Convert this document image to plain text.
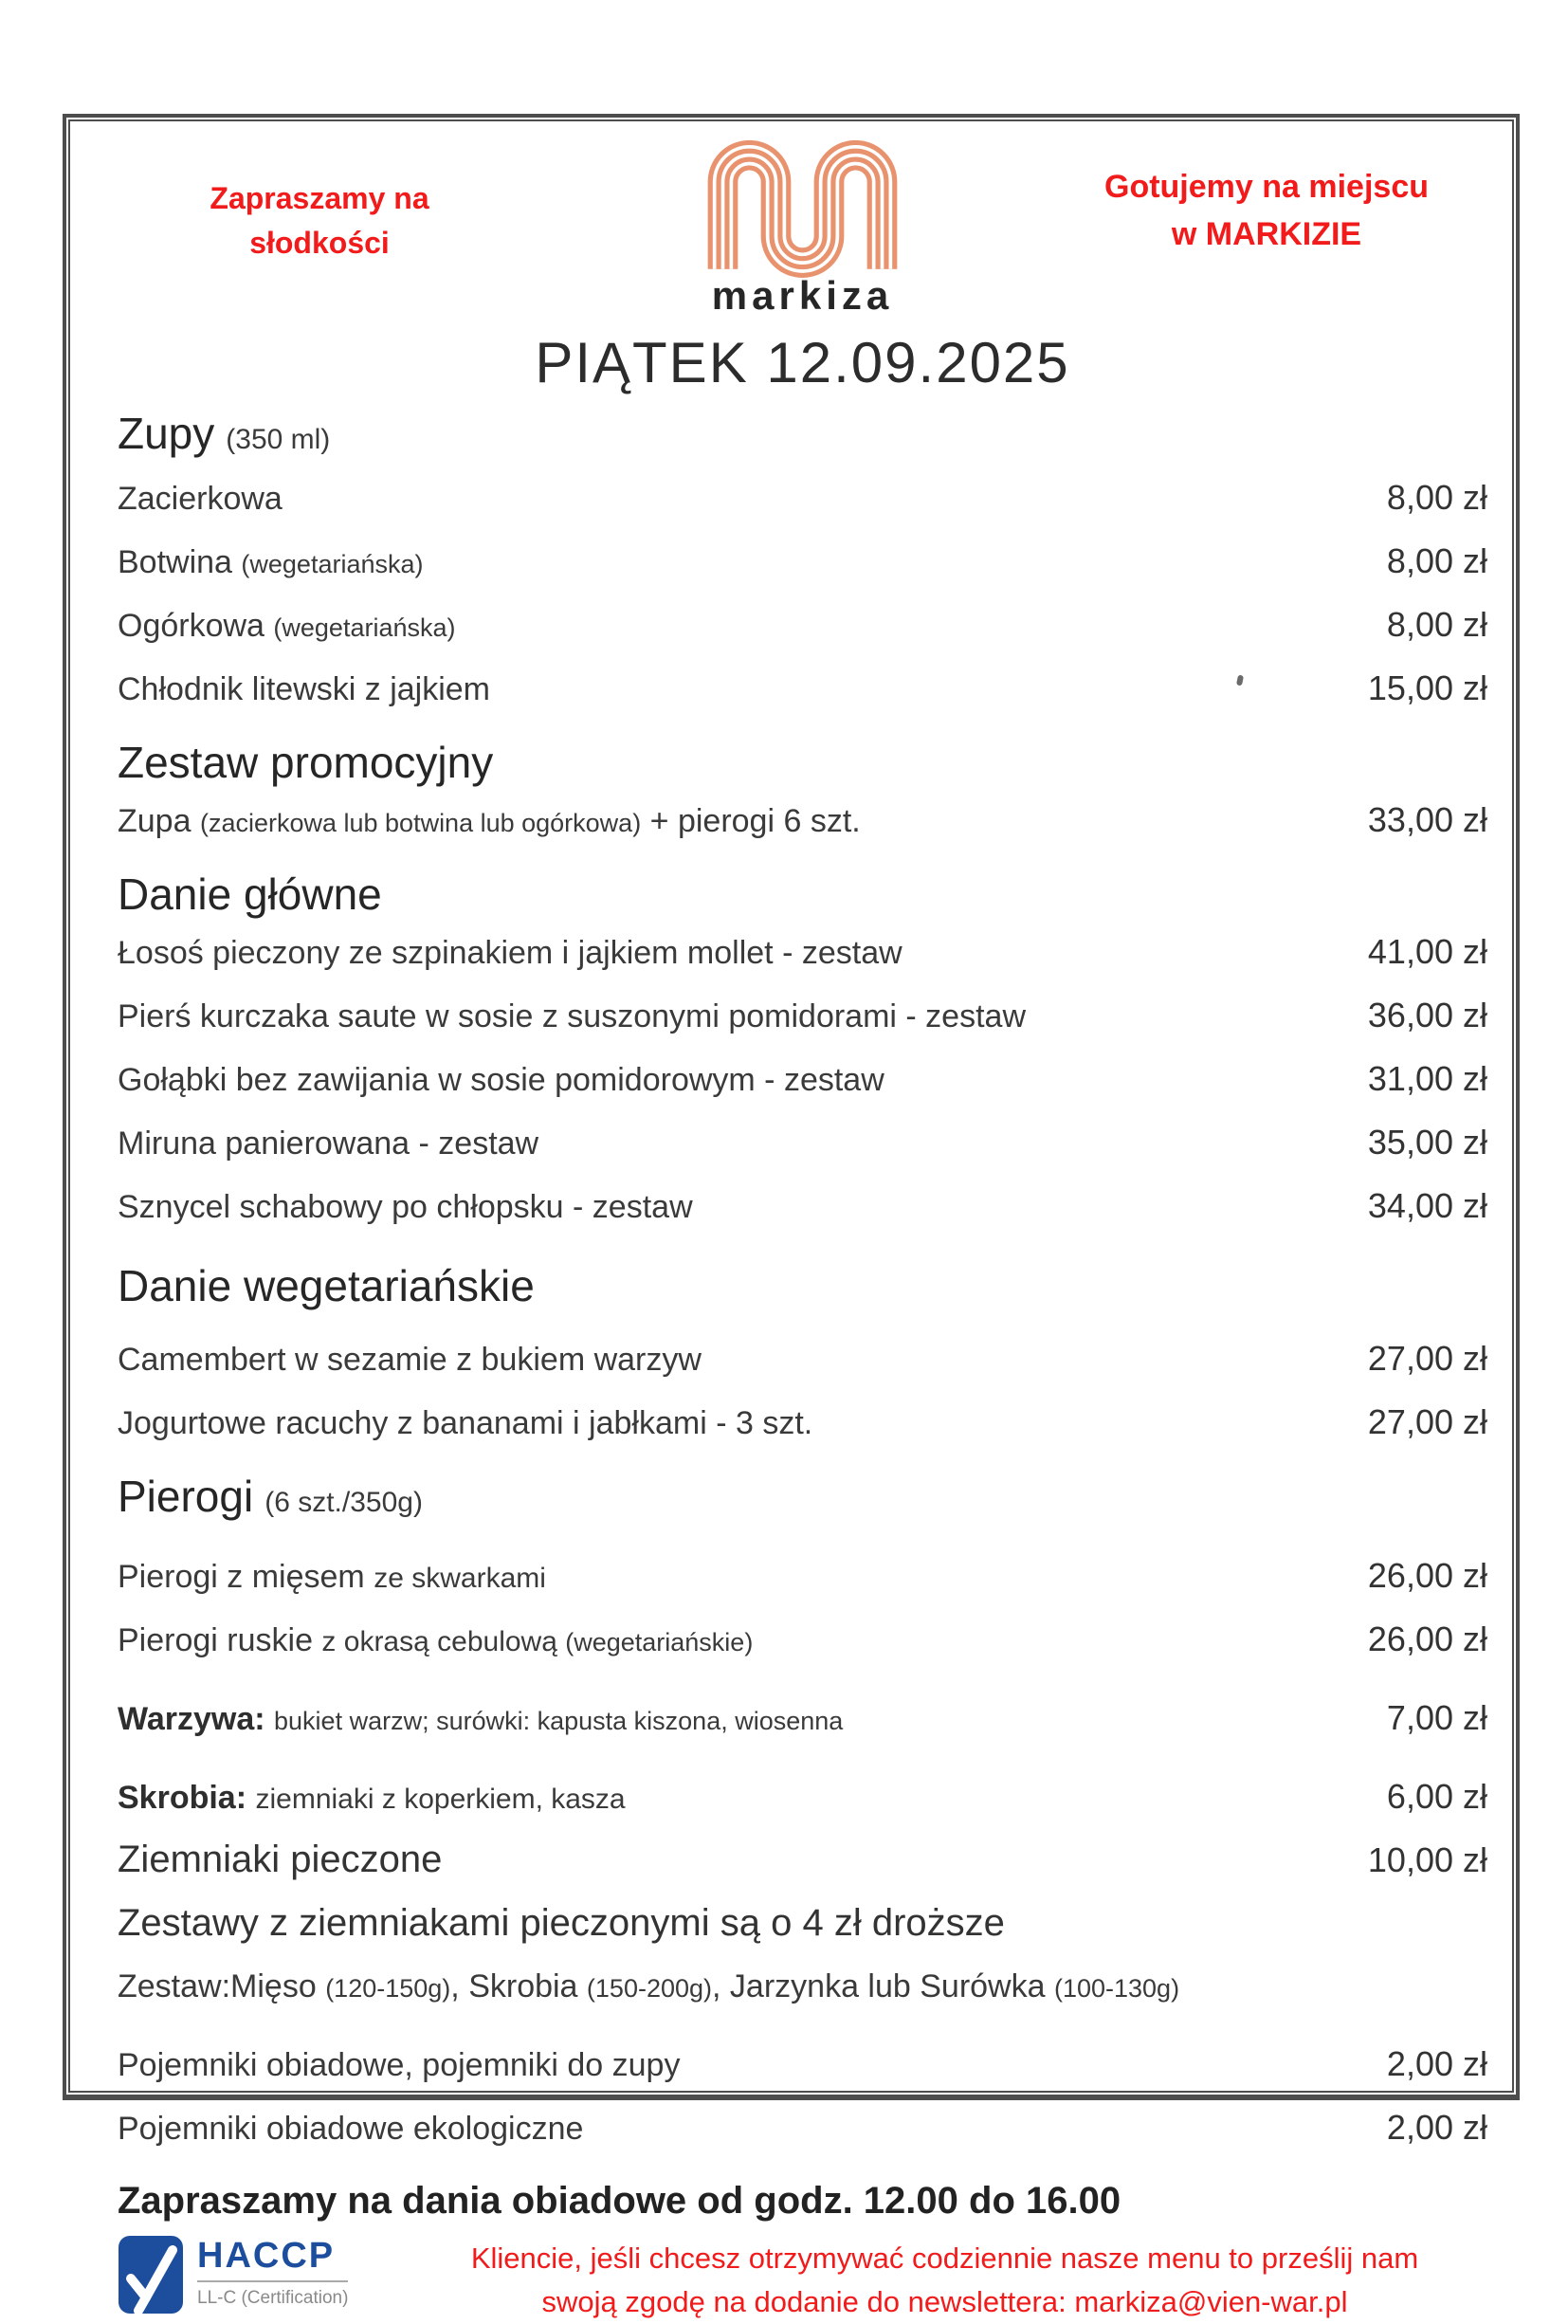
Zapraszamy na
słodkości
markiza
Gotujemy na miejscu
w MARKIZIE
PIĄTEK 12.09.2025
Zupy (350 ml)
Zacierkowa	8,00 zł
Botwina (wegetariańska)	8,00 zł
Ogórkowa (wegetariańska)	8,00 zł
Chłodnik litewski z jajkiem	15,00 zł
Zestaw promocyjny
Zupa (zacierkowa lub botwina lub ogórkowa) + pierogi 6 szt.	33,00 zł
Danie główne
Łosoś pieczony ze szpinakiem i jajkiem mollet - zestaw	41,00 zł
Pierś kurczaka saute w sosie z suszonymi pomidorami - zestaw	36,00 zł
Gołąbki bez zawijania w sosie pomidorowym - zestaw	31,00 zł
Miruna panierowana - zestaw	35,00 zł
Sznycel schabowy po chłopsku - zestaw	34,00 zł
Danie wegetariańskie
Camembert w sezamie z bukiem warzyw	27,00 zł
Jogurtowe racuchy z bananami i jabłkami - 3 szt.	27,00 zł
Pierogi (6 szt./350g)
Pierogi z mięsem ze skwarkami	26,00 zł
Pierogi ruskie z okrasą cebulową (wegetariańskie)	26,00 zł
Warzywa: bukiet warzw; surówki: kapusta kiszona, wiosenna	7,00 zł
Skrobia: ziemniaki z koperkiem, kasza	6,00 zł
Ziemniaki pieczone	10,00 zł
Zestawy z ziemniakami pieczonymi są o 4 zł droższe
Zestaw:Mięso (120-150g), Skrobia (150-200g), Jarzynka lub Surówka (100-130g)
Pojemniki obiadowe, pojemniki do zupy	2,00 zł
Pojemniki obiadowe ekologiczne	2,00 zł
Zapraszamy na dania obiadowe od godz. 12.00 do 16.00
HACCP
LL-C (Certification)
Kliencie, jeśli chcesz otrzymywać codziennie nasze menu to prześlij nam
swoją zgodę na dodanie do newslettera: markiza@vien-war.pl
